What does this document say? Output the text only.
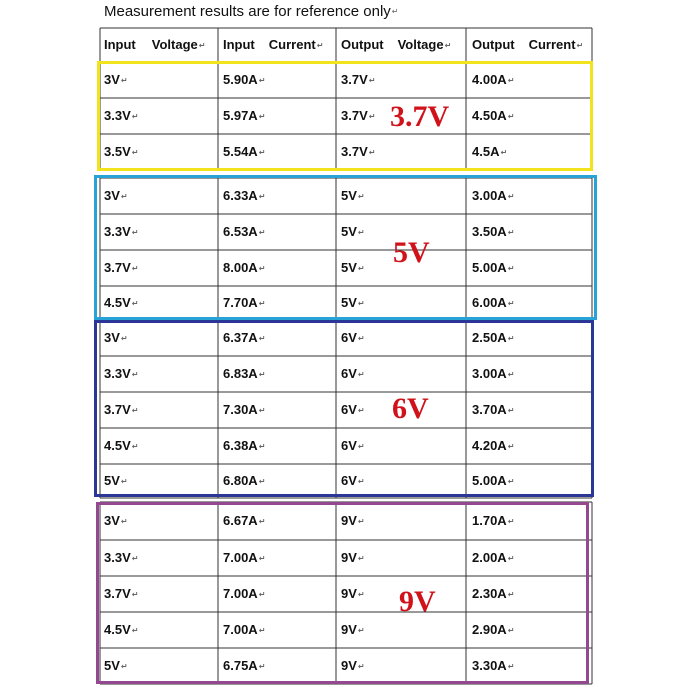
Measurement results are for reference only↵
Input Voltage↵ Input Current↵ Output Voltage↵ Output Current↵
3V↵	5.90A↵	3.7V↵	4.00A↵
3.3V↵	5.97A↵	3.7V↵	4.50A↵
3.5V↵	5.54A↵	3.7V↵	4.5A↵
3V↵	6.33A↵	5V↵	3.00A↵
3.3V↵	6.53A↵	5V↵	3.50A↵
3.7V↵	8.00A↵	5V↵	5.00A↵
4.5V↵	7.70A↵	5V↵	6.00A↵
3V↵	6.37A↵	6V↵	2.50A↵
3.3V↵	6.83A↵	6V↵	3.00A↵
3.7V↵	7.30A↵	6V↵	3.70A↵
4.5V↵	6.38A↵	6V↵	4.20A↵
5V↵	6.80A↵	6V↵	5.00A↵
3V↵	6.67A↵	9V↵	1.70A↵
3.3V↵	7.00A↵	9V↵	2.00A↵
3.7V↵	7.00A↵	9V↵	2.30A↵
4.5V↵	7.00A↵	9V↵	2.90A↵
5V↵	6.75A↵	9V↵	3.30A↵
3.7V
5V
6V
9V
